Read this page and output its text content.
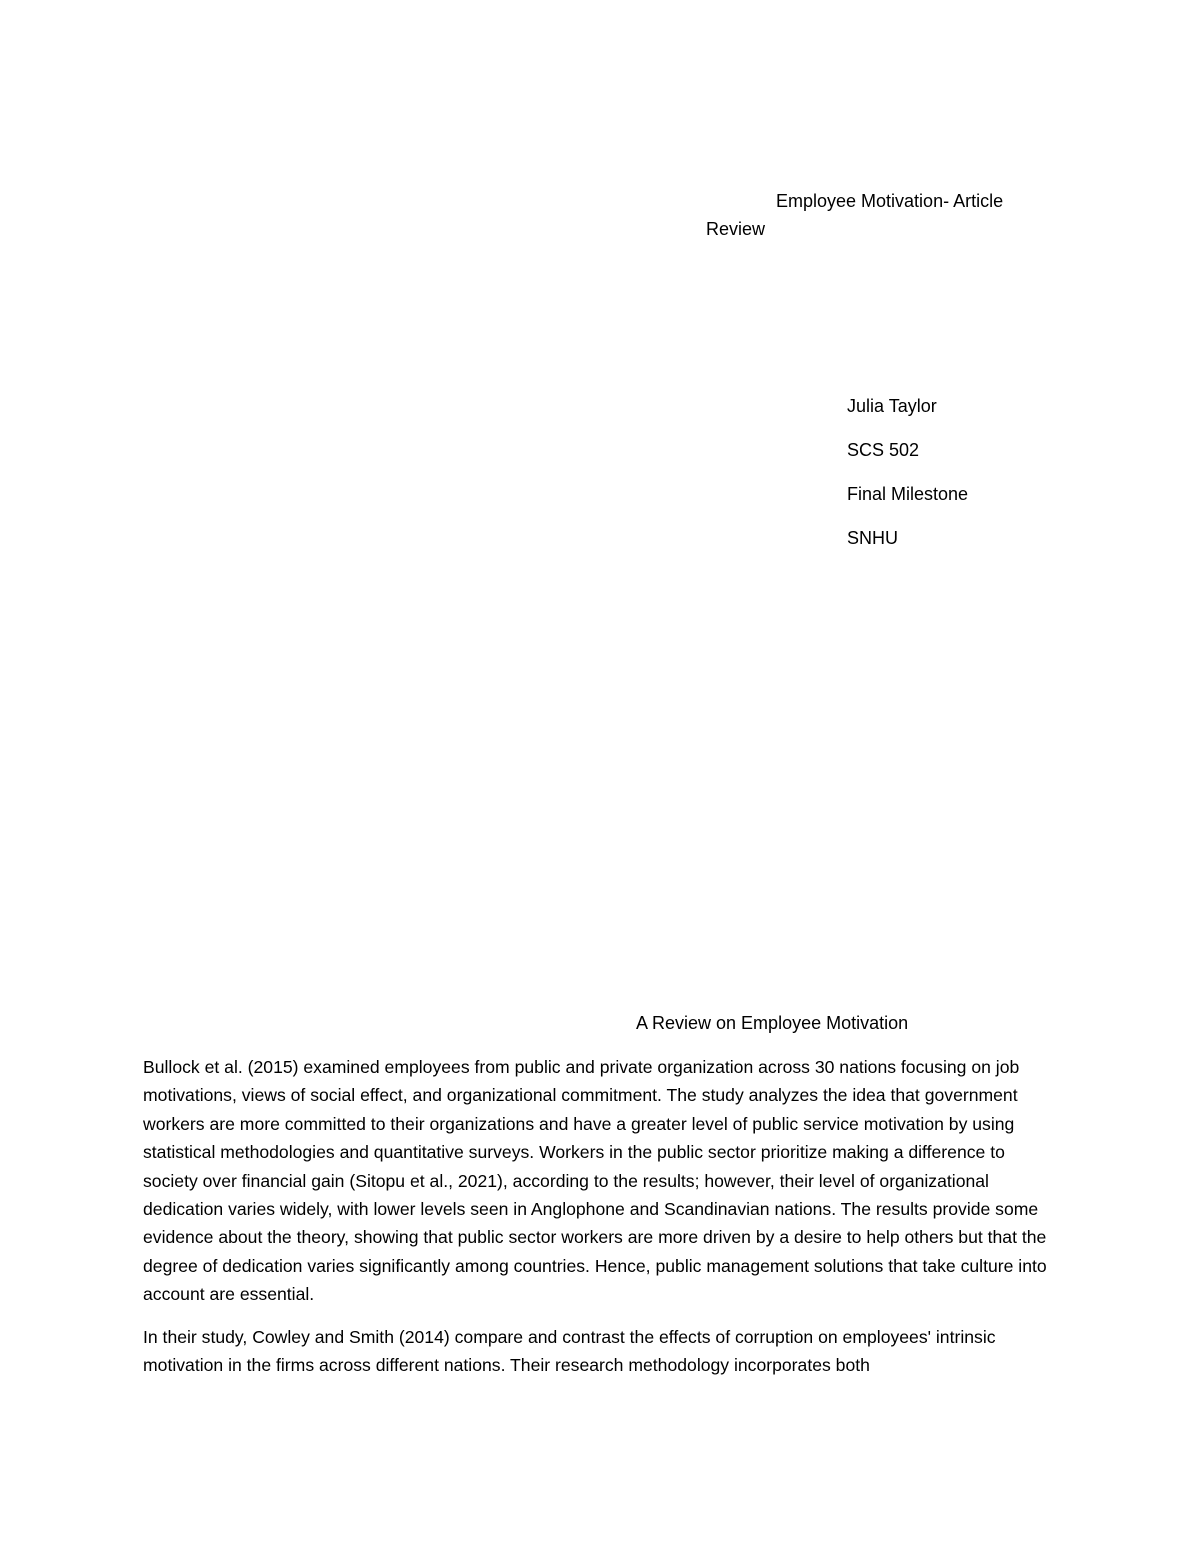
Employee Motivation- Article
Review
Julia Taylor
SCS 502
Final Milestone
SNHU
A Review on Employee Motivation

Bullock et al. (2015) examined employees from public and private organization across 30 nations focusing on job motivations, views of social effect, and organizational commitment. The study analyzes the idea that government workers are more committed to their organizations and have a greater level of public service motivation by using statistical methodologies and quantitative surveys. Workers in the public sector prioritize making a difference to society over financial gain (Sitopu et al., 2021), according to the results; however, their level of organizational dedication varies widely, with lower levels seen in Anglophone and Scandinavian nations. The results provide some evidence about the theory, showing that public sector workers are more driven by a desire to help others but that the degree of dedication varies significantly among countries. Hence, public management solutions that take culture into account are essential.

In their study, Cowley and Smith (2014) compare and contrast the effects of corruption on employees' intrinsic motivation in the firms across different nations. Their research methodology incorporates both
